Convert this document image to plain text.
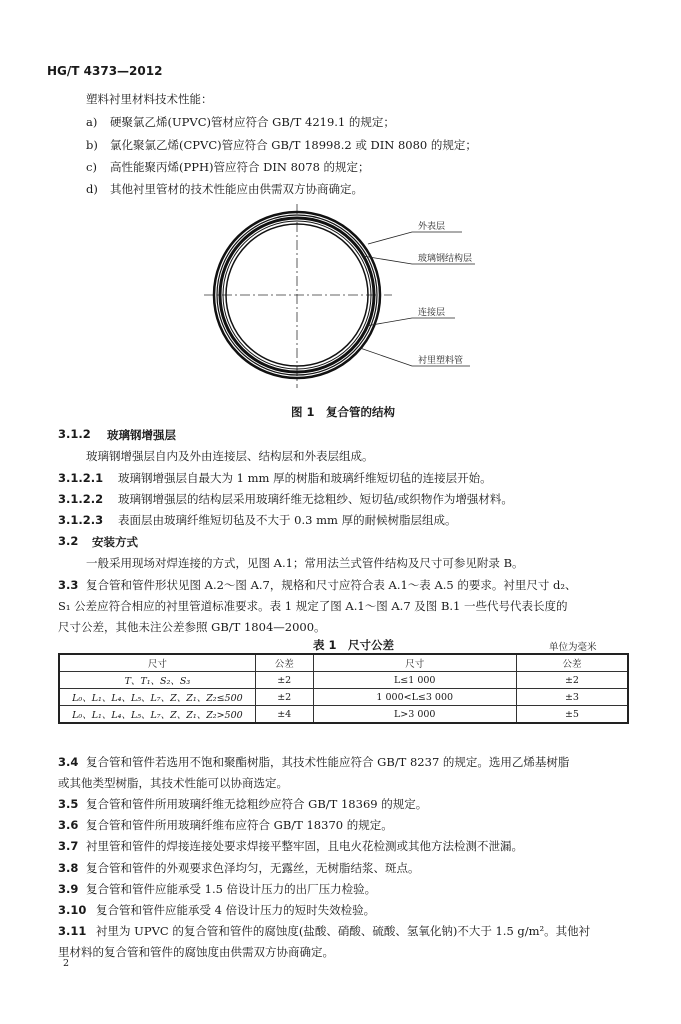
HG/T 4373—2012
塑料衬里材料技术性能：
a) 硬聚氯乙烯(UPVC)管材应符合 GB/T 4219.1 的规定；
b) 氯化聚氯乙烯(CPVC)管应符合 GB/T 18998.2 或 DIN 8080 的规定；
c) 高性能聚丙烯(PPH)管应符合 DIN 8078 的规定；
d) 其他衬里管材的技术性能应由供需双方协商确定。
外表层
玻璃钢结构层
连接层
衬里塑料管
图 1　复合管的结构
3.1.2 玻璃钢增强层
玻璃钢增强层自内及外由连接层、结构层和外表层组成。
3.1.2.1 玻璃钢增强层自最大为 1 mm 厚的树脂和玻璃纤维短切毡的连接层开始。
3.1.2.2 玻璃钢增强层的结构层采用玻璃纤维无捻粗纱、短切毡/或织物作为增强材料。
3.1.2.3 表面层由玻璃纤维短切毡及不大于 0.3 mm 厚的耐候树脂层组成。
3.2 安装方式
一般采用现场对焊连接的方式，见图 A.1；常用法兰式管件结构及尺寸可参见附录 B。
3.3 复合管和管件形状见图 A.2～图 A.7，规格和尺寸应符合表 A.1～表 A.5 的要求。衬里尺寸 d₂、
S₁ 公差应符合相应的衬里管道标准要求。表 1 规定了图 A.1～图 A.7 及图 B.1 一些代号代表长度的
尺寸公差，其他未注公差参照 GB/T 1804—2000。
表 1　尺寸公差	单位为毫米
尺寸	公差	尺寸	公差
T、T₁、S₂、S₃	±2	L≤1 000	±2
L₀、L₁、L₄、L₅、L₇、Z、Z₁、Z₂≤500	±2	1 000<L≤3 000	±3
L₀、L₁、L₄、L₅、L₇、Z、Z₁、Z₂>500	±4	L>3 000	±5
3.4 复合管和管件若选用不饱和聚酯树脂，其技术性能应符合 GB/T 8237 的规定。选用乙烯基树脂
或其他类型树脂，其技术性能可以协商选定。
3.5 复合管和管件所用玻璃纤维无捻粗纱应符合 GB/T 18369 的规定。
3.6 复合管和管件所用玻璃纤维布应符合 GB/T 18370 的规定。
3.7 衬里管和管件的焊接连接处要求焊接平整牢固，且电火花检测或其他方法检测不泄漏。
3.8 复合管和管件的外观要求色泽均匀，无露丝，无树脂结浆、斑点。
3.9 复合管和管件应能承受 1.5 倍设计压力的出厂压力检验。
3.10 复合管和管件应能承受 4 倍设计压力的短时失效检验。
3.11 衬里为 UPVC 的复合管和管件的腐蚀度(盐酸、硝酸、硫酸、氢氧化钠)不大于 1.5 g/m²。其他衬
里材料的复合管和管件的腐蚀度由供需双方协商确定。
2
